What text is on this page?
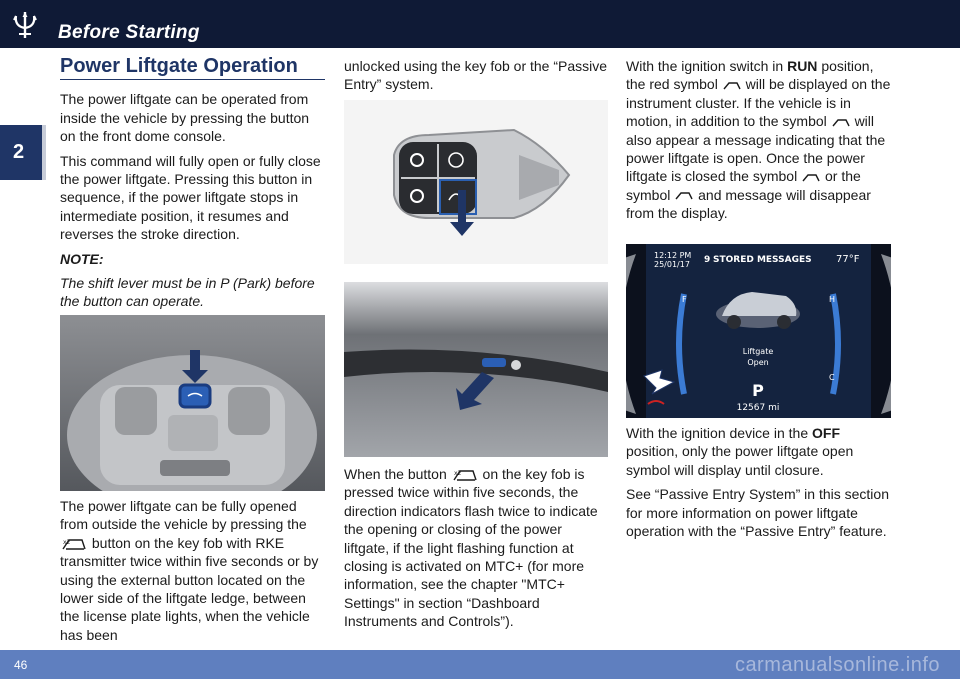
Before Starting
2
Power Liftgate Operation

The power liftgate can be operated from inside the vehicle by pressing the button on the front dome console.

This command will fully open or fully close the power liftgate. Pressing this button in sequence, if the power liftgate stops in intermediate position, it resumes and reverses the stroke direction.

NOTE:

The shift lever must be in P (Park) before the button can operate.

The power liftgate can be fully opened from outside the vehicle by pressing the
x2 button on the key fob with RKE transmitter twice within five seconds or by using the external button located on the lower side of the liftgate ledge, between the license plate lights, when the vehicle has been

unlocked using the key fob or the “Passive Entry” system.

When the button x2 on the key fob is pressed twice within five seconds, the direction indicators flash twice to indicate the opening or closing of the power liftgate, if the light flashing function at closing is activated on MTC+ (for more information, see the chapter "MTC+ Settings" in section “Dashboard Instruments and Controls”).

With the ignition switch in RUN position, the red symbol will be displayed on the instrument cluster. If the vehicle is in motion, in addition to the symbol will also appear a message indicating that the power liftgate is open. Once the power liftgate is closed the symbol or the symbol and message will disappear from the display.

12:12 PM
25/01/17 9 STORED MESSAGES 77°F
Liftgate
Open
P
12567 mi
F	H
C

With the ignition device in the OFF position, only the power liftgate open symbol will display until closure.

See “Passive Entry System” in this section for more information on power liftgate operation with the “Passive Entry” feature.

46	carmanualsonline.info
